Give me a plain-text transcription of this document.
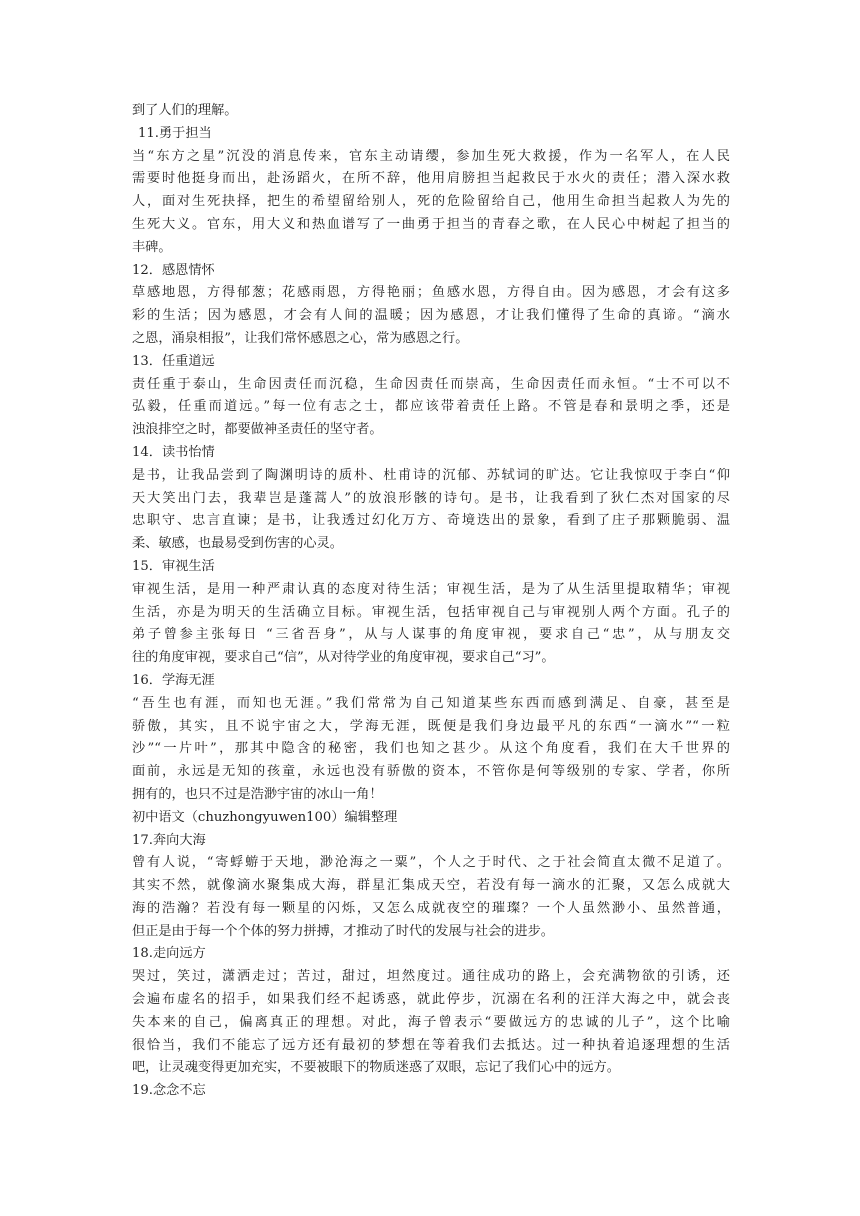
到了人们的理解。
11.勇于担当
当“东方之星”沉没的消息传来，官东主动请缨，参加生死大救援，作为一名军人，在人民
需要时他挺身而出，赴汤蹈火，在所不辞，他用肩膀担当起救民于水火的责任；潜入深水救
人，面对生死抉择，把生的希望留给别人，死的危险留给自己，他用生命担当起救人为先的
生死大义。官东，用大义和热血谱写了一曲勇于担当的青春之歌，在人民心中树起了担当的
丰碑。
12．感恩情怀
草感地恩，方得郁葱；花感雨恩，方得艳丽；鱼感水恩，方得自由。因为感恩，才会有这多
彩的生活；因为感恩，才会有人间的温暖；因为感恩，才让我们懂得了生命的真谛。“滴水
之恩，涌泉相报”，让我们常怀感恩之心，常为感恩之行。
13．任重道远
责任重于泰山，生命因责任而沉稳，生命因责任而崇高，生命因责任而永恒。“士不可以不
弘毅，任重而道远。”每一位有志之士，都应该带着责任上路。不管是春和景明之季，还是
浊浪排空之时，都要做神圣责任的坚守者。
14．读书怡情
是书，让我品尝到了陶渊明诗的质朴、杜甫诗的沉郁、苏轼词的旷达。它让我惊叹于李白“仰
天大笑出门去，我辈岂是蓬蒿人”的放浪形骸的诗句。是书，让我看到了狄仁杰对国家的尽
忠职守、忠言直谏；是书，让我透过幻化万方、奇境迭出的景象，看到了庄子那颗脆弱、温
柔、敏感，也最易受到伤害的心灵。
15．审视生活
审视生活，是用一种严肃认真的态度对待生活；审视生活，是为了从生活里提取精华；审视
生活，亦是为明天的生活确立目标。审视生活，包括审视自己与审视别人两个方面。孔子的
弟子曾参主张每日 “三省吾身”，从与人谋事的角度审视，要求自己“忠”，从与朋友交
往的角度审视，要求自己“信”，从对待学业的角度审视，要求自己“习”。
16．学海无涯
“吾生也有涯，而知也无涯。”我们常常为自己知道某些东西而感到满足、自豪，甚至是
骄傲，其实，且不说宇宙之大，学海无涯，既便是我们身边最平凡的东西“一滴水”“一粒
沙”“一片叶”，那其中隐含的秘密，我们也知之甚少。从这个角度看，我们在大千世界的
面前，永远是无知的孩童，永远也没有骄傲的资本，不管你是何等级别的专家、学者，你所
拥有的，也只不过是浩渺宇宙的冰山一角！
初中语文（chuzhongyuwen100）编辑整理
17.奔向大海
曾有人说，“寄蜉蝣于天地，渺沧海之一粟”，个人之于时代、之于社会简直太微不足道了。
其实不然，就像滴水聚集成大海，群星汇集成天空，若没有每一滴水的汇聚，又怎么成就大
海的浩瀚？若没有每一颗星的闪烁，又怎么成就夜空的璀璨？一个人虽然渺小、虽然普通，
但正是由于每一个个体的努力拼搏，才推动了时代的发展与社会的进步。
18.走向远方
哭过，笑过，潇洒走过；苦过，甜过，坦然度过。通往成功的路上，会充满物欲的引诱，还
会遍布虚名的招手，如果我们经不起诱惑，就此停步，沉溺在名利的汪洋大海之中，就会丧
失本来的自己，偏离真正的理想。对此，海子曾表示“要做远方的忠诚的儿子”，这个比喻
很恰当，我们不能忘了远方还有最初的梦想在等着我们去抵达。过一种执着追逐理想的生活
吧，让灵魂变得更加充实，不要被眼下的物质迷惑了双眼，忘记了我们心中的远方。
19.念念不忘
